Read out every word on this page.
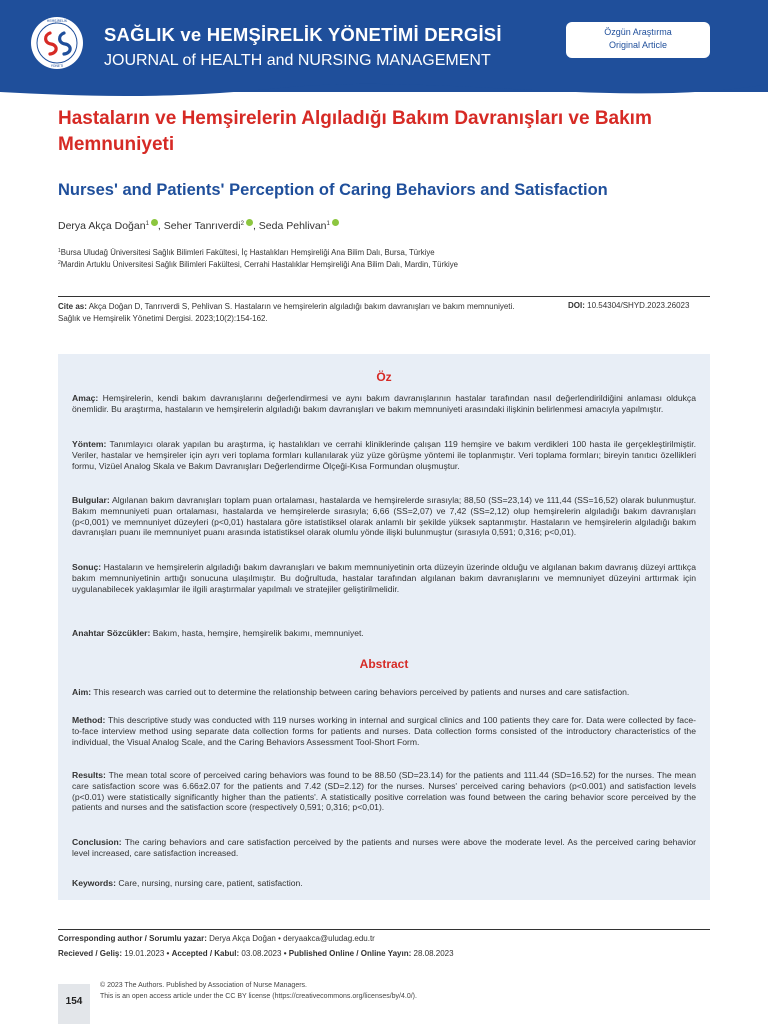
HEMŞİRELİK
YÖNETİ
SAĞLIK ve HEMŞİRELİK YÖNETİMİ DERGİSİ
JOURNAL of HEALTH and NURSING MANAGEMENT
Özgün Araştırma
Original Article
Hastaların ve Hemşirelerin Algıladığı Bakım Davranışları ve Bakım Memnuniyeti
Nurses' and Patients' Perception of Caring Behaviors and Satisfaction
Derya Akça Doğan$^1$ , Seher Tanrıverdi$^2$ , Seda Pehlivan$^1$
$^1$Bursa Uludağ Üniversitesi Sağlık Bilimleri Fakültesi, İç Hastalıkları Hemşireliği Ana Bilim Dalı, Bursa, Türkiye
$^2$Mardin Artuklu Üniversitesi Sağlık Bilimleri Fakültesi, Cerrahi Hastalıklar Hemşireliği Ana Bilim Dalı, Mardin, Türkiye
Cite as: Akça Doğan D, Tanrıverdi S, Pehlivan S. Hastaların ve hemşirelerin algıladığı bakım davranışları ve bakım memnuniyeti. Sağlık ve Hemşirelik Yönetimi Dergisi. 2023;10(2):154-162.
DOI: 10.54304/SHYD.2023.26023
Öz
Amaç: Hemşirelerin, kendi bakım davranışlarını değerlendirmesi ve aynı bakım davranışlarının hastalar tarafından nasıl değerlendirildiğini anlaması oldukça önemlidir. Bu araştırma, hastaların ve hemşirelerin algıladığı bakım davranışları ve bakım memnuniyeti arasındaki ilişkinin belirlenmesi amacıyla yapılmıştır.
Yöntem: Tanımlayıcı olarak yapılan bu araştırma, iç hastalıkları ve cerrahi kliniklerinde çalışan 119 hemşire ve bakım verdikleri 100 hasta ile gerçekleştirilmiştir. Veriler, hastalar ve hemşireler için ayrı veri toplama formları kullanılarak yüz yüze görüşme yöntemi ile toplanmıştır. Veri toplama formları; bireyin tanıtıcı özellikleri formu, Vizüel Analog Skala ve Bakım Davranışları Değerlendirme Ölçeği-Kısa Formundan oluşmuştur.
Bulgular: Algılanan bakım davranışları toplam puan ortalaması, hastalarda ve hemşirelerde sırasıyla; 88,50 (SS=23,14) ve 111,44 (SS=16,52) olarak bulunmuştur. Bakım memnuniyeti puan ortalaması, hastalarda ve hemşirelerde sırasıyla; 6,66 (SS=2,07) ve 7,42 (SS=2,12) olup hemşirelerin algıladığı bakım davranışları (p<0,001) ve memnuniyet düzeyleri (p<0,01) hastalara göre istatistiksel olarak anlamlı bir şekilde yüksek saptanmıştır. Hastaların ve hemşirelerin algıladığı bakım davranışları puanı ile memnuniyet puanı arasında istatistiksel olarak olumlu yönde ilişki bulunmuştur (sırasıyla 0,591; 0,316; p<0,01).
Sonuç: Hastaların ve hemşirelerin algıladığı bakım davranışları ve bakım memnuniyetinin orta düzeyin üzerinde olduğu ve algılanan bakım davranış düzeyi arttıkça bakım memnuniyetinin arttığı sonucuna ulaşılmıştır. Bu doğrultuda, hastalar tarafından algılanan bakım davranışlarını ve memnuniyet düzeyini arttırmak için uygulanabilecek yaklaşımlar ile ilgili araştırmalar yapılmalı ve stratejiler geliştirilmelidir.
Anahtar Sözcükler: Bakım, hasta, hemşire, hemşirelik bakımı, memnuniyet.
Abstract
Aim: This research was carried out to determine the relationship between caring behaviors perceived by patients and nurses and care satisfaction.
Method: This descriptive study was conducted with 119 nurses working in internal and surgical clinics and 100 patients they care for. Data were collected by face-to-face interview method using separate data collection forms for patients and nurses. Data collection forms consisted of the introductory characteristics of the individual, the Visual Analog Scale, and the Caring Behaviors Assessment Tool-Short Form.
Results: The mean total score of perceived caring behaviors was found to be 88.50 (SD=23.14) for the patients and 111.44 (SD=16.52) for the nurses. The mean care satisfaction score was 6.66±2.07 for the patients and 7.42 (SD=2.12) for the nurses. Nurses' perceived caring behaviors (p<0.001) and satisfaction levels (p<0.01) were statistically significantly higher than the patients'. A statistically positive correlation was found between the caring behavior score perceived by the patients and nurses and the satisfaction score (respectively 0,591; 0,316; p<0,01).
Conclusion: The caring behaviors and care satisfaction perceived by the patients and nurses were above the moderate level. As the perceived caring behavior level increased, care satisfaction increased.
Keywords: Care, nursing, nursing care, patient, satisfaction.
Corresponding author / Sorumlu yazar: Derya Akça Doğan • deryaakca@uludag.edu.tr
Recieved / Geliş: 19.01.2023 • Accepted / Kabul: 03.08.2023 • Published Online / Online Yayın: 28.08.2023
154
© 2023 The Authors. Published by Association of Nurse Managers.
This is an open access article under the CC BY license (https://creativecommons.org/licenses/by/4.0/).
